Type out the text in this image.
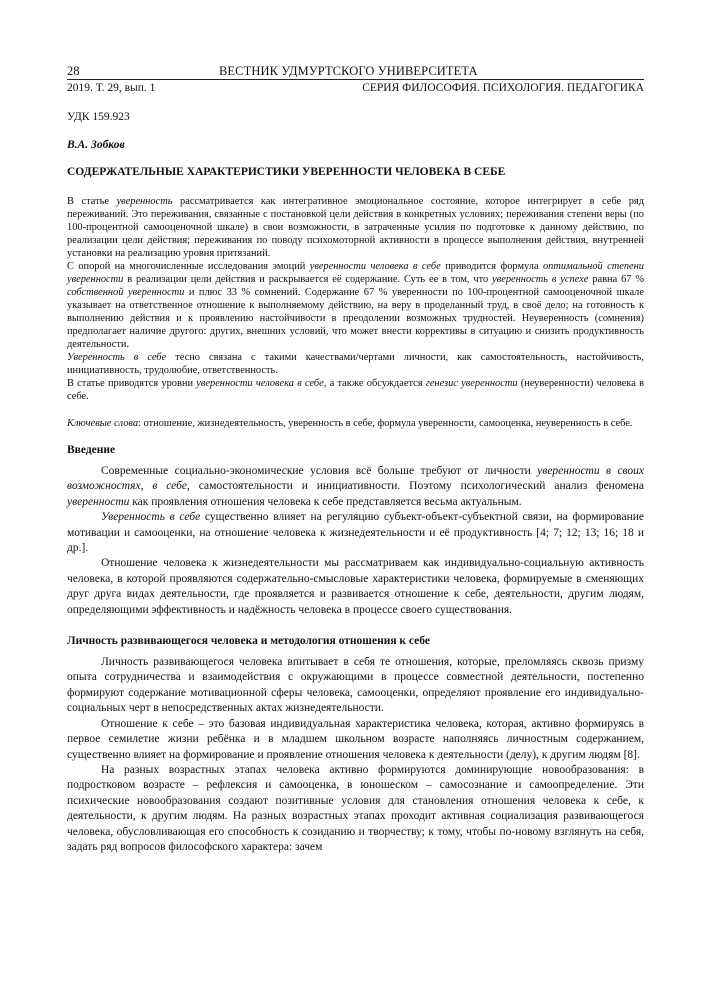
28	ВЕСТНИК УДМУРТСКОГО УНИВЕРСИТЕТА
2019. Т. 29, вып. 1	СЕРИЯ ФИЛОСОФИЯ. ПСИХОЛОГИЯ. ПЕДАГОГИКА
УДК 159.923
В.А. Зобков
СОДЕРЖАТЕЛЬНЫЕ ХАРАКТЕРИСТИКИ УВЕРЕННОСТИ ЧЕЛОВЕКА В СЕБЕ

В статье уверенность рассматривается как интегративное эмоциональное состояние, которое интегрирует в себе ряд переживаний. Это переживания, связанные с постановкой цели действия в конкретных условиях; переживания степени веры (по 100-процентной самооценочной шкале) в свои возможности, в затраченные усилия по подготовке к данному действию, по реализации цели действия; переживания по поводу психомоторной активности в процессе выполнения действия, внутренней установки на реализацию уровня притязаний.

С опорой на многочисленные исследования эмоций уверенности человека в себе приводится формула оптимальной степени уверенности в реализации цели действия и раскрывается её содержание. Суть ее в том, что уверенность в успехе равна 67 % собственной уверенности и плюс 33 % сомнений. Содержание 67 % уверенности по 100-процентной самооценочной шкале указывает на ответственное отношение к выполняемому действию, на веру в проделанный труд, в своё дело; на готовность к выполнению действия и к проявлению настойчивости в преодолении возможных трудностей. Неуверенность (сомнения) предполагает наличие другого: других, внешних условий, что может внести коррективы в ситуацию и снизить продуктивность деятельности.

Уверенность в себе тесно связана с такими качествами/чертами личности, как самостоятельность, настойчивость, инициативность, трудолюбие, ответственность.

В статье приводятся уровни уверенности человека в себе, а также обсуждается генезис уверенности (неуверенности) человека в себе.

Ключевые слова: отношение, жизнедеятельность, уверенность в себе, формула уверенности, самооценка, неуверенность в себе.
Введение

Современные социально-экономические условия всё больше требуют от личности уверенности в своих возможностях, в себе, самостоятельности и инициативности. Поэтому психологический анализ феномена уверенности как проявления отношения человека к себе представляется весьма актуальным.

Уверенность в себе существенно влияет на регуляцию субъект-объект-субъектной связи, на формирование мотивации и самооценки, на отношение человека к жизнедеятельности и её продуктивность [4; 7; 12; 13; 16; 18 и др.].

Отношение человека к жизнедеятельности мы рассматриваем как индивидуально-социальную активность человека, в которой проявляются содержательно-смысловые характеристики человека, формируемые в сменяющих друг друга видах деятельности, где проявляется и развивается отношение к себе, деятельности, другим людям, определяющими эффективность и надёжность человека в процессе своего существования.

Личность развивающегося человека и методология отношения к себе

Личность развивающегося человека впитывает в себя те отношения, которые, преломляясь сквозь призму опыта сотрудничества и взаимодействия с окружающими в процессе совместной деятельности, постепенно формируют содержание мотивационной сферы человека, самооценки, определяют проявление его индивидуально-социальных черт в непосредственных актах жизнедеятельности.

Отношение к себе – это базовая индивидуальная характеристика человека, которая, активно формируясь в первое семилетие жизни ребёнка и в младшем школьном возрасте наполняясь личностным содержанием, существенно влияет на формирование и проявление отношения человека к деятельности (делу), к другим людям [8].

На разных возрастных этапах человека активно формируются доминирующие новообразования: в подростковом возрасте – рефлексия и самооценка, в юношеском – самосознание и самоопределение. Эти психические новообразования создают позитивные условия для становления отношения человека к себе, к деятельности, к другим людям. На разных возрастных этапах проходит активная социализация развивающегося человека, обусловливающая его способность к созиданию и творчеству; к тому, чтобы по-новому взглянуть на себя, задать ряд вопросов философского характера: зачем
